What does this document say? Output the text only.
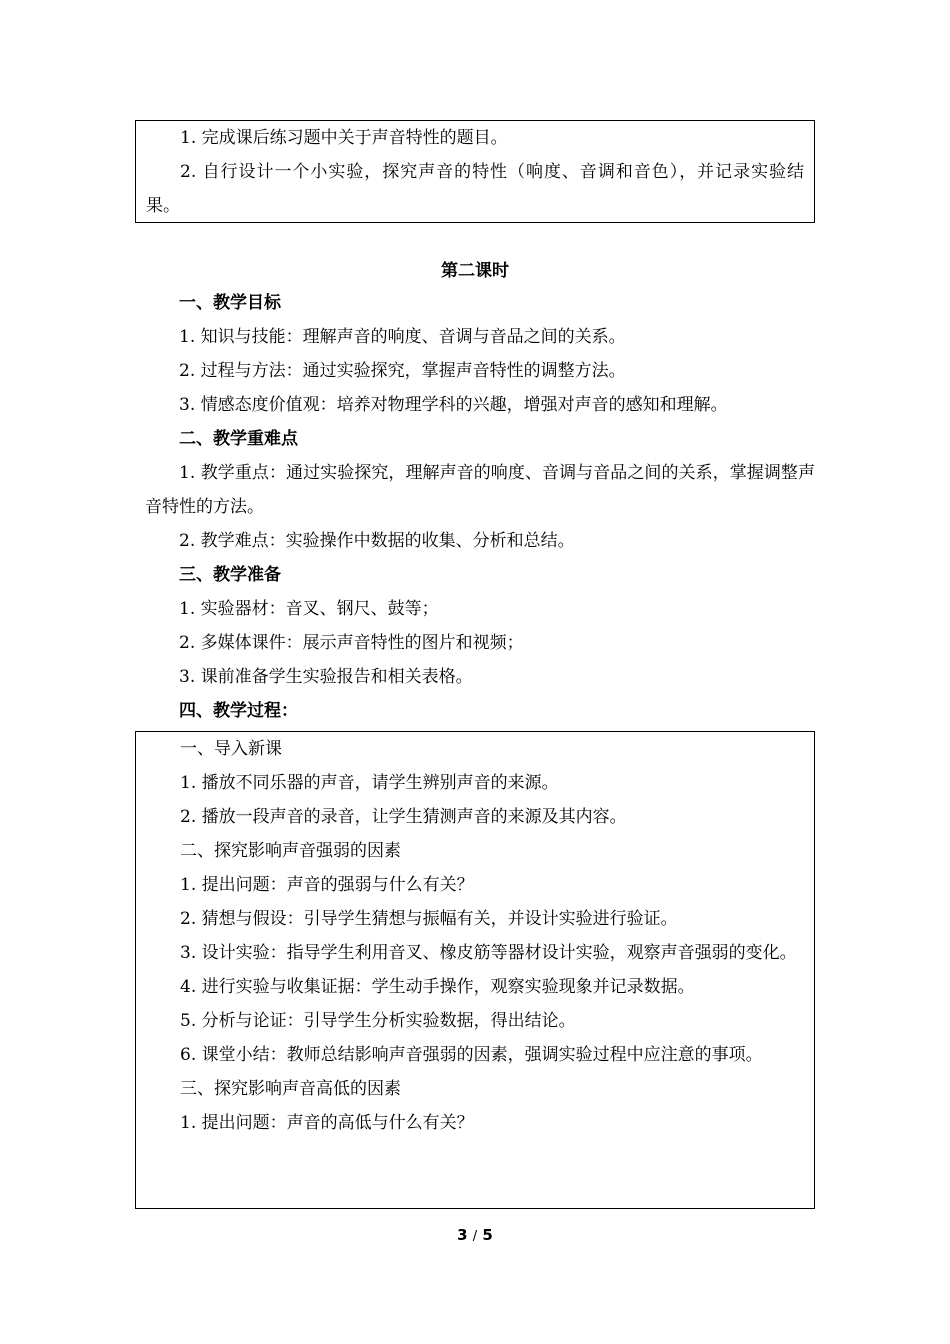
1. 完成课后练习题中关于声音特性的题目。

2. 自行设计一个小实验，探究声音的特性（响度、音调和音色），并记录实验结果。

第二课时

一、教学目标

1. 知识与技能：理解声音的响度、音调与音品之间的关系。

2. 过程与方法：通过实验探究，掌握声音特性的调整方法。

3. 情感态度价值观：培养对物理学科的兴趣，增强对声音的感知和理解。

二、教学重难点

1. 教学重点：通过实验探究，理解声音的响度、音调与音品之间的关系，掌握调整声音特性的方法。

2. 教学难点：实验操作中数据的收集、分析和总结。

三、教学准备

1. 实验器材：音叉、钢尺、鼓等；

2. 多媒体课件：展示声音特性的图片和视频；

3. 课前准备学生实验报告和相关表格。

四、教学过程：

一、导入新课

1. 播放不同乐器的声音，请学生辨别声音的来源。

2. 播放一段声音的录音，让学生猜测声音的来源及其内容。

二、探究影响声音强弱的因素

1. 提出问题：声音的强弱与什么有关？

2. 猜想与假设：引导学生猜想与振幅有关，并设计实验进行验证。

3. 设计实验：指导学生利用音叉、橡皮筋等器材设计实验，观察声音强弱的变化。

4. 进行实验与收集证据：学生动手操作，观察实验现象并记录数据。

5. 分析与论证：引导学生分析实验数据，得出结论。

6. 课堂小结：教师总结影响声音强弱的因素，强调实验过程中应注意的事项。

三、探究影响声音高低的因素

1. 提出问题：声音的高低与什么有关？

3 / 5
